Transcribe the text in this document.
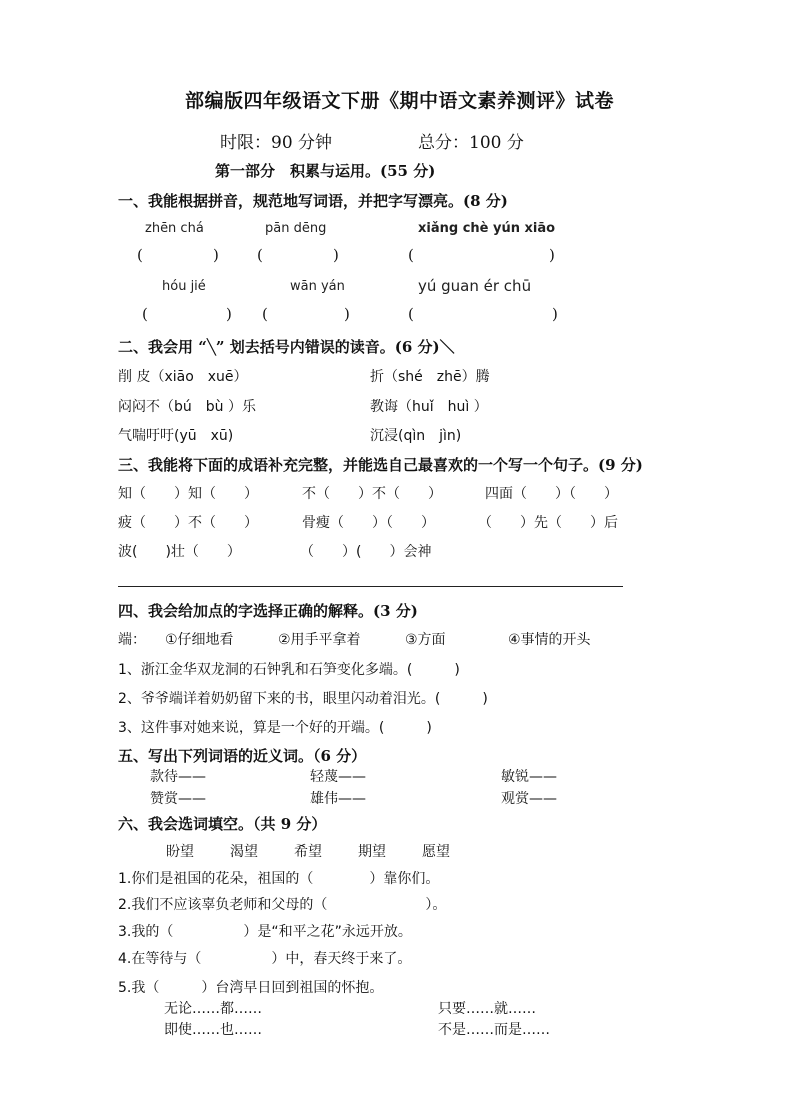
部编版四年级语文下册《期中语文素养测评》试卷
时限：90 分钟	总分：100 分
第一部分　积累与运用。(55 分)
一、我能根据拼音，规范地写词语，并把字写漂亮。(8 分)
zhēn chá	pān dēng	xiǎng chè yún xiāo
(	)	(	)	(	)
hóu jié	wān yán	yú guan ér chū
(	) (	)	(	)
二、我会用 “╲” 划去括号内错误的读音。(6 分)＼
削 皮（xiāo　xuē）	折（shé　zhē）腾
闷闷不（bú　bù ）乐	教诲（huǐ　huì ）
气喘吁吁(yū　xū)	沉浸(qìn　jìn)
三、我能将下面的成语补充完整，并能选自己最喜欢的一个写一个句子。(9 分)
知（　　）知（　　）	不（　　）不（　　）	四面（　　）（　　）
疲（　　）不（　　）	骨瘦（　　）（　　）	（　　）先（　　）后
波(　　)壮（　　）	（　　）(　　）会神
四、我会给加点的字选择正确的解释。(3 分)
端： ①仔细地看	②用手平拿着	③方面	④事情的开头
1、浙江金华双龙洞的石钟乳和石笋变化多端。(　　　)
2、爷爷端详着奶奶留下来的书，眼里闪动着泪光。(　　　)
3、这件事对她来说，算是一个好的开端。(　　　)
五、写出下列词语的近义词。（6 分）
款待——	轻蔑——	敏锐——
赞赏——	雄伟——	观赏——
六、我会选词填空。（共 9 分）
盼望	渴望	希望	期望	愿望
1.你们是祖国的花朵，祖国的（　　　　）靠你们。
2.我们不应该辜负老师和父母的（　　　　　　　）。
3.我的（　　　　　）是“和平之花”永远开放。
4.在等待与（　　　　　）中，春天终于来了。
5.我（　　　）台湾早日回到祖国的怀抱。
无论……都……	只要……就……
即使……也……	不是……而是……
